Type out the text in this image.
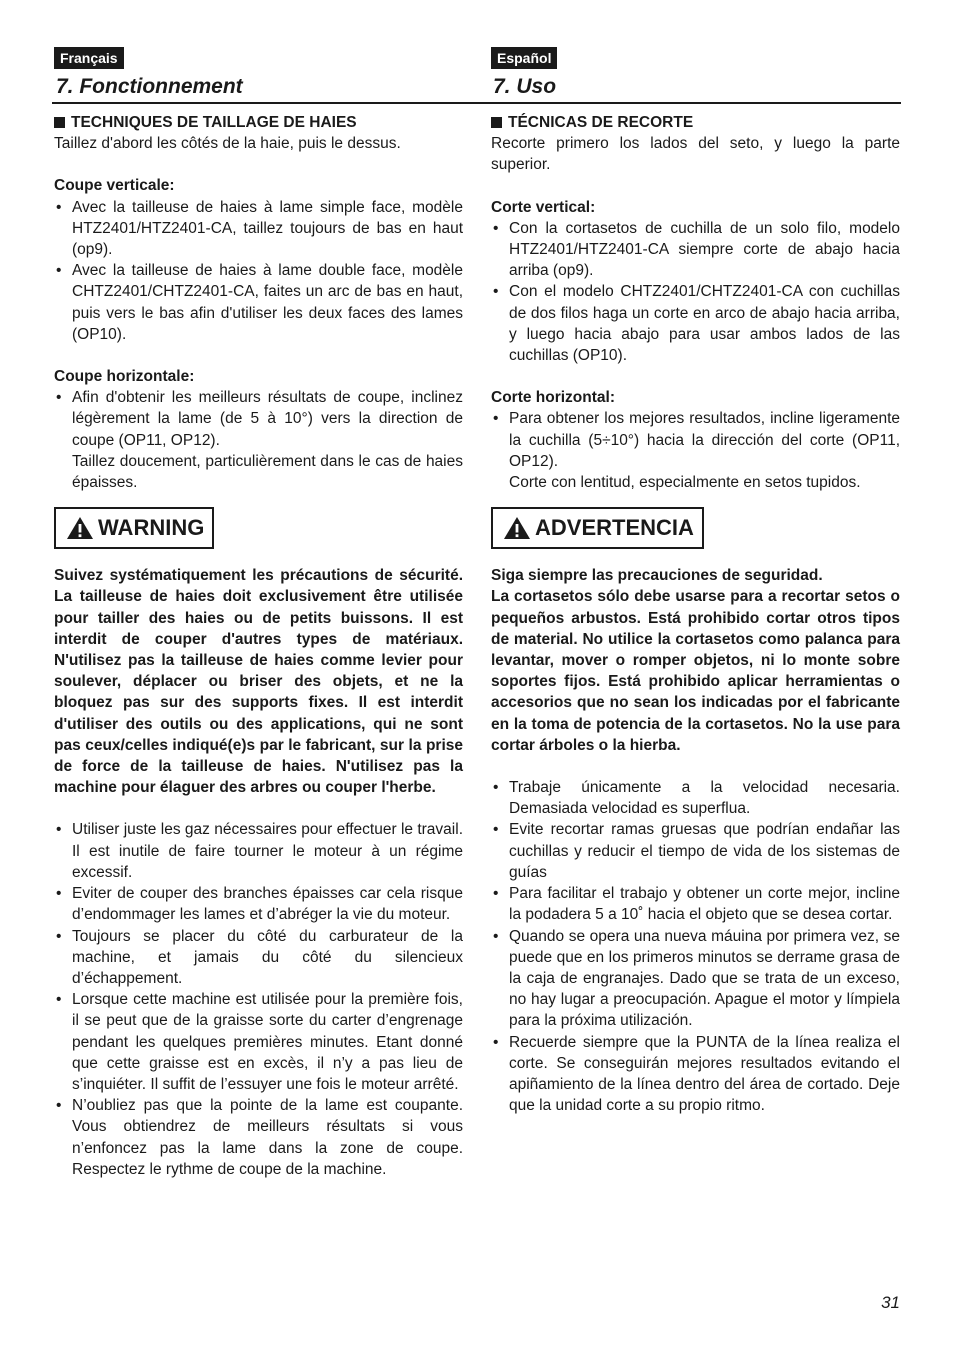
Français
7. Fonctionnement

TECHNIQUES DE TAILLAGE DE HAIES

Taillez d'abord les côtés de la haie, puis le dessus.

Coupe verticale:

• Avec la tailleuse de haies à lame simple face, modèle HTZ2401/HTZ2401-CA, taillez toujours de bas en haut (op9).
• Avec la tailleuse de haies à lame double face, modèle CHTZ2401/CHTZ2401-CA, faites un arc de bas en haut, puis vers le bas afin d'utiliser les deux faces des lames (OP10).

Coupe horizontale:

• Afin d'obtenir les meilleurs résultats de coupe, inclinez légèrement la lame (de 5 à 10°) vers la direction de coupe (OP11, OP12).
Taillez doucement, particulièrement dans le cas de haies épaisses.
WARNING

Suivez systématiquement les précautions de sécurité. La tailleuse de haies doit exclusivement être utilisée pour tailler des haies ou de petits buissons. Il est interdit de couper d'autres types de matériaux. N'utilisez pas la tailleuse de haies comme levier pour soulever, déplacer ou briser des objets, et ne la bloquez pas sur des supports fixes. Il est interdit d'utiliser des outils ou des applications, qui ne sont pas ceux/celles indiqué(e)s par le fabricant, sur la prise de force de la tailleuse de haies. N'utilisez pas la machine pour élaguer des arbres ou couper l'herbe.

• Utiliser juste les gaz nécessaires pour effectuer le travail. Il est inutile de faire tourner le moteur à un régime excessif.
• Eviter de couper des branches épaisses car cela risque d’endommager les lames et d’abréger la vie du moteur.
• Toujours se placer du côté du carburateur de la machine, et jamais du côté du silencieux d’échappement.
• Lorsque cette machine est utilisée pour la première fois, il se peut que de la graisse sorte du carter d’engrenage pendant les quelques premières minutes. Etant donné que cette graisse est en excès, il n’y a pas lieu de s’inquiéter. Il suffit de l’essuyer une fois le moteur arrêté.
• N’oubliez pas que la pointe de la lame est coupante. Vous obtiendrez de meilleurs résultats si vous n’enfoncez pas la lame dans la zone de coupe. Respectez le rythme de coupe de la machine.
Español
7. Uso

TÉCNICAS DE RECORTE

Recorte primero los lados del seto, y luego la parte superior.

Corte vertical:

• Con la cortasetos de cuchilla de un solo filo, modelo HTZ2401/HTZ2401-CA siempre corte de abajo hacia arriba (op9).
• Con el modelo CHTZ2401/CHTZ2401-CA con cuchillas de dos filos haga un corte en arco de abajo hacia arriba, y luego hacia abajo para usar ambos lados de las cuchillas (OP10).

Corte horizontal:

• Para obtener los mejores resultados, incline ligeramente la cuchilla (5÷10°) hacia la dirección del corte (OP11, OP12).
Corte con lentitud, especialmente en setos tupidos.
ADVERTENCIA

Siga siempre las precauciones de seguridad.

La cortasetos sólo debe usarse para a recortar setos o pequeños arbustos. Está prohibido cortar otros tipos de material. No utilice la cortasetos como palanca para levantar, mover o romper objetos, ni lo monte sobre soportes fijos. Está prohibido aplicar herramientas o accesorios que no sean los indicadas por el fabricante en la toma de potencia de la cortasetos. No la use para cortar árboles o la hierba.

• Trabaje únicamente a la velocidad necesaria. Demasiada velocidad es superflua.
• Evite recortar ramas gruesas que podrían endañar las cuchillas y reducir el tiempo de vida de los sistemas de guías
• Para facilitar el trabajo y obtener un corte mejor, incline la podadera 5 a 10˚ hacia el objeto que se desea cortar.
• Quando se opera una nueva máuina por primera vez, se puede que en los primeros minutos se derrame grasa de la caja de engranajes. Dado que se trata de un exceso, no hay lugar a preocupación. Apague el motor y límpiela para la próxima utilización.
• Recuerde siempre que la PUNTA de la línea realiza el corte. Se conseguirán mejores resultados evitando el apiñamiento de la línea dentro del área de cortado. Deje que la unidad corte a su propio ritmo.
31
